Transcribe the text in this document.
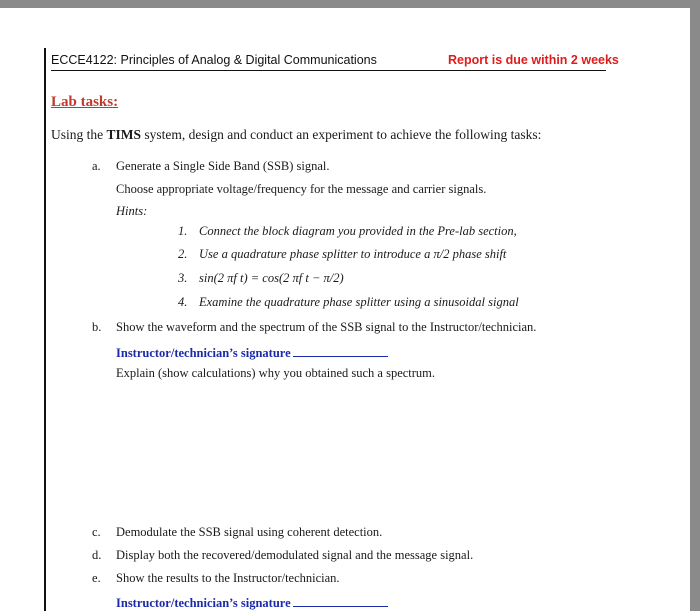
ECCE4122: Principles of Analog & Digital Communications	Report is due within 2 weeks
Lab tasks:
Using the TIMS system, design and conduct an experiment to achieve the following tasks:
a. Generate a Single Side Band (SSB) signal.
Choose appropriate voltage/frequency for the message and carrier signals.
Hints:
1. Connect the block diagram you provided in the Pre-lab section,
2. Use a quadrature phase splitter to introduce a π/2 phase shift
3. sin(2 πf t) = cos(2 πf t − π/2)
4. Examine the quadrature phase splitter using a sinusoidal signal
b. Show the waveform and the spectrum of the SSB signal to the Instructor/technician.
Instructor/technician’s signature
Explain (show calculations) why you obtained such a spectrum.
c. Demodulate the SSB signal using coherent detection.
d. Display both the recovered/demodulated signal and the message signal.
e. Show the results to the Instructor/technician.
Instructor/technician’s signature
